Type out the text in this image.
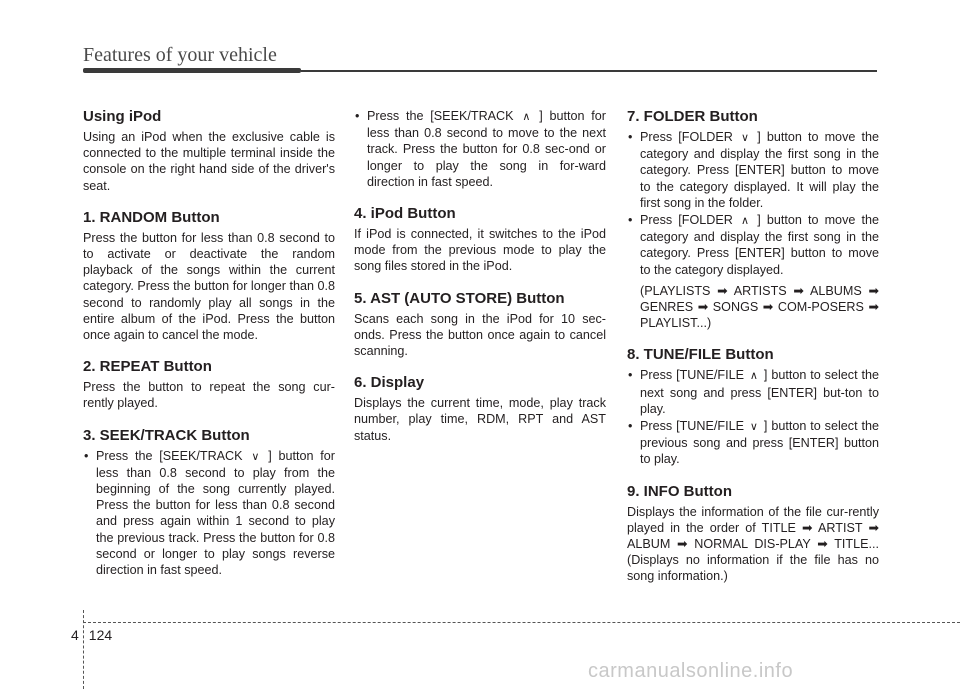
Features of your vehicle
Using iPod

Using an iPod when the exclusive cable is connected to the multiple terminal inside the console on the right hand side of the driver's seat.

1. RANDOM Button

Press the button for less than 0.8 second to to activate or deactivate the random playback of the songs within the current category. Press the button for longer than 0.8 second to randomly play all songs in the entire album of the iPod. Press the button once again to cancel the mode.

2. REPEAT Button

Press the button to repeat the song cur-rently played.

3. SEEK/TRACK Button
• Press the [SEEK/TRACK ∨ ] button for less than 0.8 second to play from the beginning of the song currently played. Press the button for less than 0.8 second and press again within 1 second to play the previous track. Press the button for 0.8 second or longer to play songs reverse direction in fast speed.
• Press the [SEEK/TRACK ∧ ] button for less than 0.8 second to move to the next track. Press the button for 0.8 sec-ond or longer to play the song in for-ward direction in fast speed.
4. iPod Button

If iPod is connected, it switches to the iPod mode from the previous mode to play the song files stored in the iPod.

5. AST (AUTO STORE) Button

Scans each song in the iPod for 10 sec-onds. Press the button once again to cancel scanning.

6. Display

Displays the current time, mode, play track number, play time, RDM, RPT and AST status.

7. FOLDER Button
• Press [FOLDER ∨ ] button to move the category and display the first song in the category. Press [ENTER] button to move to the category displayed. It will play the first song in the folder.
• Press [FOLDER ∧ ] button to move the category and display the first song in the category. Press [ENTER] button to move to the category displayed.

(PLAYLISTS ➡ ARTISTS ➡ ALBUMS ➡ GENRES ➡ SONGS ➡ COM-POSERS ➡ PLAYLIST...)

8. TUNE/FILE Button
• Press [TUNE/FILE ∧ ] button to select the next song and press [ENTER] but-ton to play.
• Press [TUNE/FILE ∨ ] button to select the previous song and press [ENTER] button to play.
9. INFO Button

Displays the information of the file cur-rently played in the order of TITLE ➡ ARTIST ➡ ALBUM ➡ NORMAL DIS-PLAY ➡ TITLE... (Displays no information if the file has no song information.)

4 124
carmanualsonline.info
